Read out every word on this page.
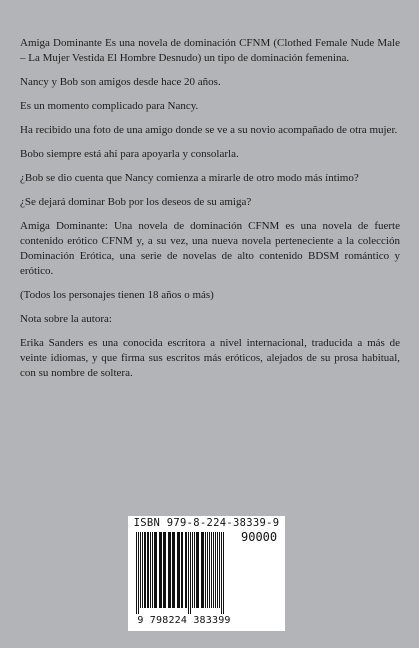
Amiga Dominante Es una novela de dominación CFNM (Clothed Female Nude Male – La Mujer Vestida El Hombre Desnudo) un tipo de dominación femenina.

Nancy y Bob son amigos desde hace 20 años.

Es un momento complicado para Nancy.

Ha recibido una foto de una amigo donde se ve a su novio acompañado de otra mujer.

Bobo siempre está ahí para apoyarla y consolarla.

¿Bob se dio cuenta que Nancy comienza a mirarle de otro modo más íntimo?

¿Se dejará dominar Bob por los deseos de su amiga?

Amiga Dominante: Una novela de dominación CFNM es una novela de fuerte contenido erótico CFNM y, a su vez, una nueva novela perteneciente a la colección Dominación Erótica, una serie de novelas de alto contenido BDSM romántico y erótico.

(Todos los personajes tienen 18 años o más)

Nota sobre la autora:

Erika Sanders es una conocida escritora a nivel internacional, traducida a más de veinte idiomas, y que firma sus escritos más eróticos, alejados de su prosa habitual, con su nombre de soltera.

ISBN 979-8-224-38339-9
90000
9 798224 383399
